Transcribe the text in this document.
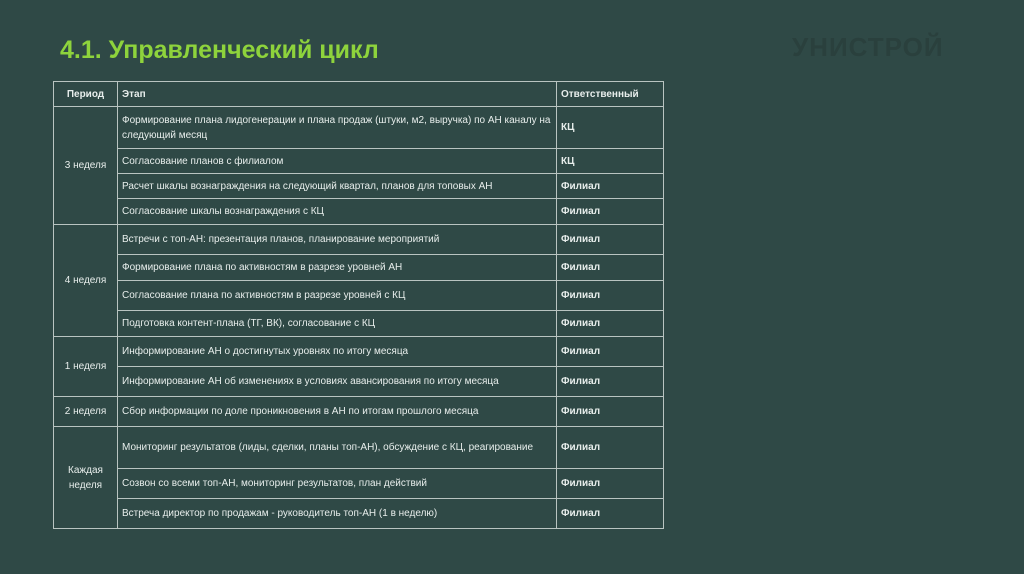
4.1. Управленческий цикл	УНИСТРОЙ
Период	Этап	Ответственный
3 неделя	Формирование плана лидогенерации и плана продаж (штуки, м2, выручка) по АН каналу на следующий месяц	КЦ
	Согласование планов с филиалом	КЦ
	Расчет шкалы вознаграждения на следующий квартал, планов для топовых АН	Филиал
	Согласование шкалы вознаграждения с КЦ	Филиал
4 неделя	Встречи с топ-АН: презентация планов, планирование мероприятий	Филиал
	Формирование плана по активностям в разрезе уровней АН	Филиал
	Согласование плана по активностям в разрезе уровней с КЦ	Филиал
	Подготовка контент-плана (ТГ, ВК), согласование с КЦ	Филиал
1 неделя	Информирование АН о достигнутых уровнях по итогу месяца	Филиал
	Информирование АН об изменениях в условиях авансирования по итогу месяца	Филиал
2 неделя	Сбор информации по доле проникновения в АН по итогам прошлого месяца	Филиал
Каждая неделя	Мониторинг результатов (лиды, сделки, планы топ-АН), обсуждение с КЦ, реагирование	Филиал
	Созвон со всеми топ-АН, мониторинг результатов, план действий	Филиал
	Встреча директор по продажам - руководитель топ-АН (1 в неделю)	Филиал
